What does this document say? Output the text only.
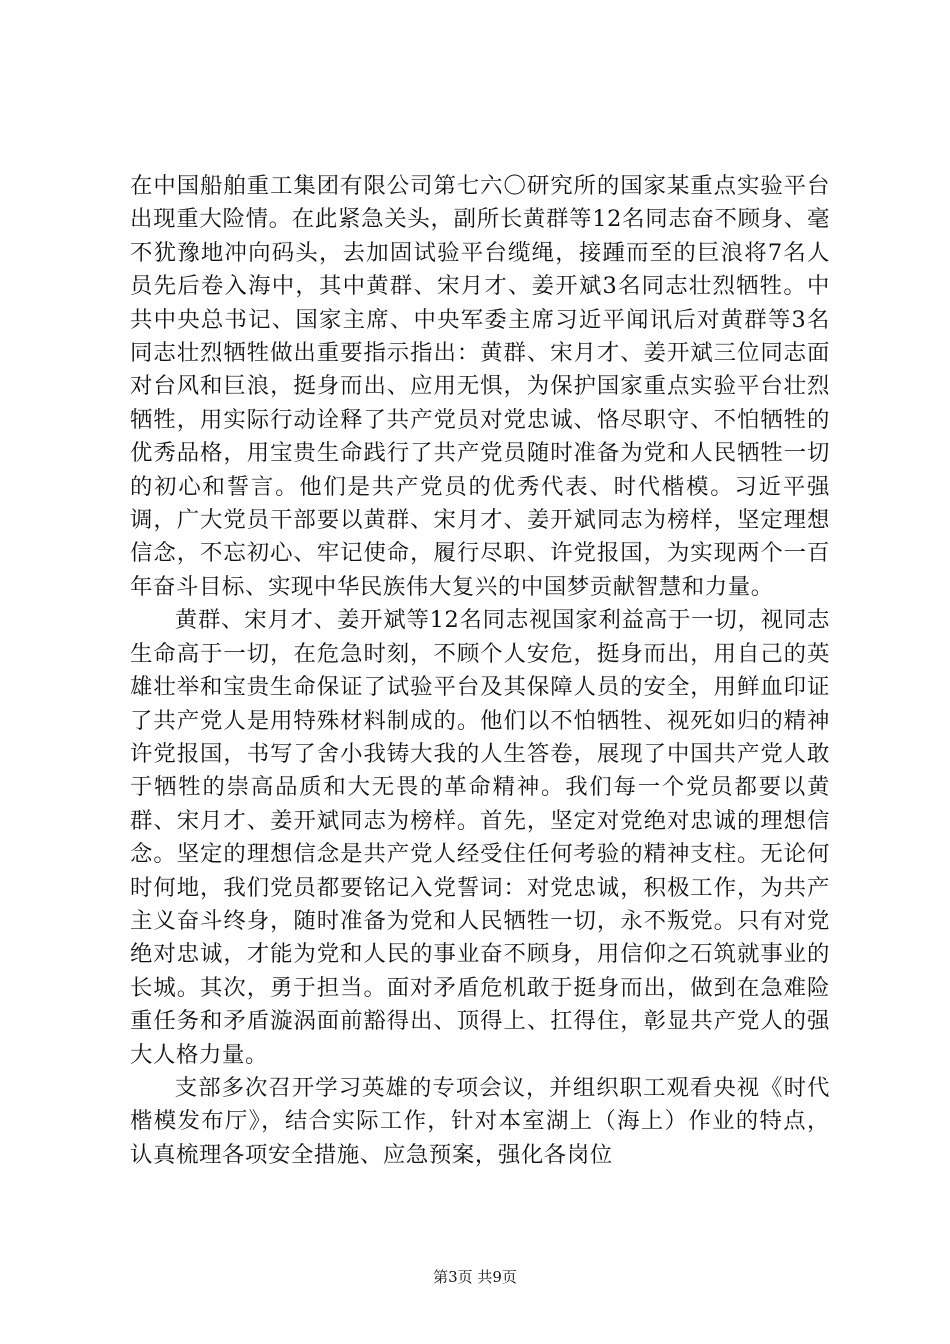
在中国船舶重工集团有限公司第七六〇研究所的国家某重点实验平台出现重大险情。在此紧急关头，副所长黄群等12名同志奋不顾身、毫不犹豫地冲向码头，去加固试验平台缆绳，接踵而至的巨浪将7名人员先后卷入海中，其中黄群、宋月才、姜开斌3名同志壮烈牺牲。中共中央总书记、国家主席、中央军委主席习近平闻讯后对黄群等3名同志壮烈牺牲做出重要指示指出：黄群、宋月才、姜开斌三位同志面对台风和巨浪，挺身而出、应用无惧，为保护国家重点实验平台壮烈牺牲，用实际行动诠释了共产党员对党忠诚、恪尽职守、不怕牺牲的优秀品格，用宝贵生命践行了共产党员随时准备为党和人民牺牲一切的初心和誓言。他们是共产党员的优秀代表、时代楷模。习近平强调，广大党员干部要以黄群、宋月才、姜开斌同志为榜样，坚定理想信念，不忘初心、牢记使命，履行尽职、许党报国，为实现两个一百年奋斗目标、实现中华民族伟大复兴的中国梦贡献智慧和力量。

黄群、宋月才、姜开斌等12名同志视国家利益高于一切，视同志生命高于一切，在危急时刻，不顾个人安危，挺身而出，用自己的英雄壮举和宝贵生命保证了试验平台及其保障人员的安全，用鲜血印证了共产党人是用特殊材料制成的。他们以不怕牺牲、视死如归的精神许党报国，书写了舍小我铸大我的人生答卷，展现了中国共产党人敢于牺牲的崇高品质和大无畏的革命精神。我们每一个党员都要以黄群、宋月才、姜开斌同志为榜样。首先，坚定对党绝对忠诚的理想信念。坚定的理想信念是共产党人经受住任何考验的精神支柱。无论何时何地，我们党员都要铭记入党誓词：对党忠诚，积极工作，为共产主义奋斗终身，随时准备为党和人民牺牲一切，永不叛党。只有对党绝对忠诚，才能为党和人民的事业奋不顾身，用信仰之石筑就事业的长城。其次，勇于担当。面对矛盾危机敢于挺身而出，做到在急难险重任务和矛盾漩涡面前豁得出、顶得上、扛得住，彰显共产党人的强大人格力量。

支部多次召开学习英雄的专项会议，并组织职工观看央视《时代楷模发布厅》，结合实际工作，针对本室湖上（海上）作业的特点，认真梳理各项安全措施、应急预案，强化各岗位

第3页 共9页
